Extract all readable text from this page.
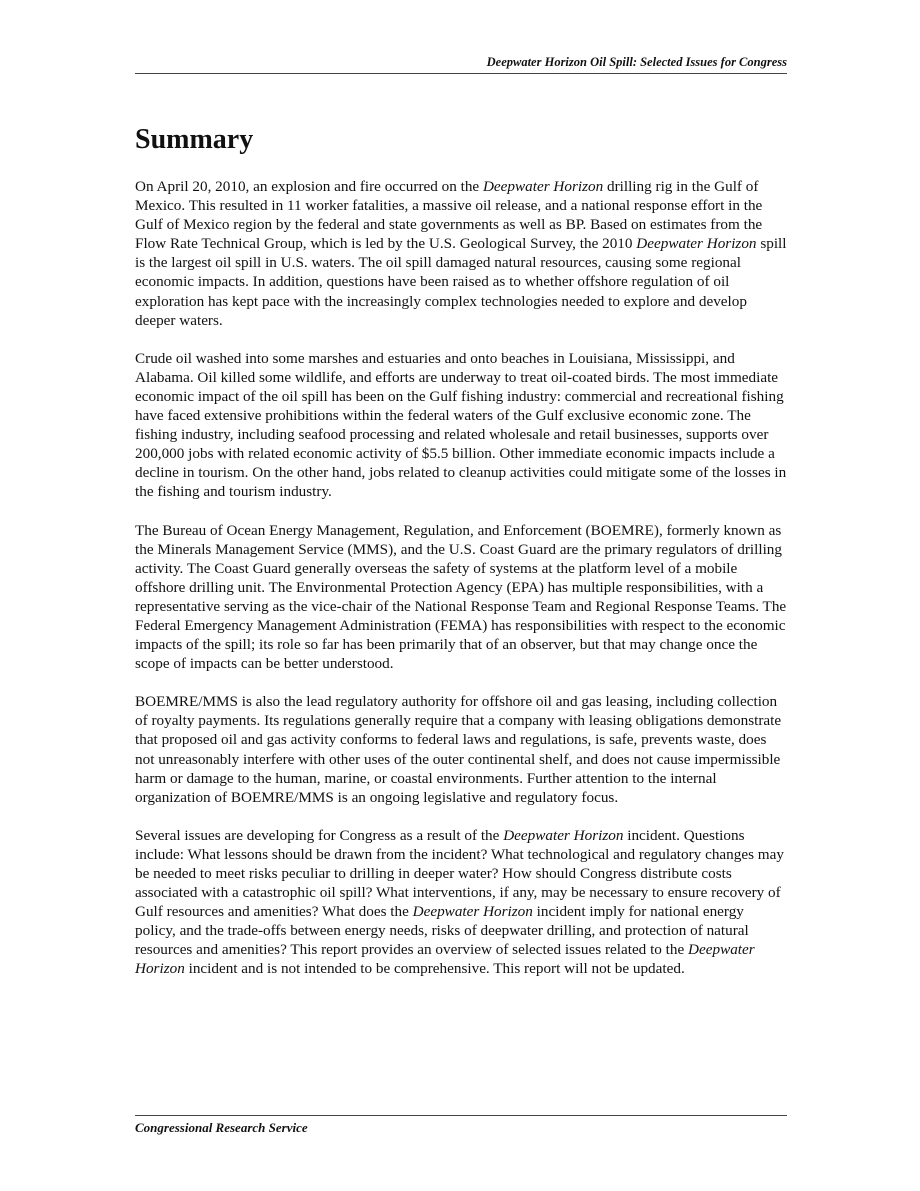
Deepwater Horizon Oil Spill: Selected Issues for Congress
Summary

On April 20, 2010, an explosion and fire occurred on the Deepwater Horizon drilling rig in the Gulf of Mexico. This resulted in 11 worker fatalities, a massive oil release, and a national response effort in the Gulf of Mexico region by the federal and state governments as well as BP. Based on estimates from the Flow Rate Technical Group, which is led by the U.S. Geological Survey, the 2010 Deepwater Horizon spill is the largest oil spill in U.S. waters. The oil spill damaged natural resources, causing some regional economic impacts. In addition, questions have been raised as to whether offshore regulation of oil exploration has kept pace with the increasingly complex technologies needed to explore and develop deeper waters.

Crude oil washed into some marshes and estuaries and onto beaches in Louisiana, Mississippi, and Alabama. Oil killed some wildlife, and efforts are underway to treat oil-coated birds. The most immediate economic impact of the oil spill has been on the Gulf fishing industry: commercial and recreational fishing have faced extensive prohibitions within the federal waters of the Gulf exclusive economic zone. The fishing industry, including seafood processing and related wholesale and retail businesses, supports over 200,000 jobs with related economic activity of $5.5 billion. Other immediate economic impacts include a decline in tourism. On the other hand, jobs related to cleanup activities could mitigate some of the losses in the fishing and tourism industry.

The Bureau of Ocean Energy Management, Regulation, and Enforcement (BOEMRE), formerly known as the Minerals Management Service (MMS), and the U.S. Coast Guard are the primary regulators of drilling activity. The Coast Guard generally overseas the safety of systems at the platform level of a mobile offshore drilling unit. The Environmental Protection Agency (EPA) has multiple responsibilities, with a representative serving as the vice-chair of the National Response Team and Regional Response Teams. The Federal Emergency Management Administration (FEMA) has responsibilities with respect to the economic impacts of the spill; its role so far has been primarily that of an observer, but that may change once the scope of impacts can be better understood.

BOEMRE/MMS is also the lead regulatory authority for offshore oil and gas leasing, including collection of royalty payments. Its regulations generally require that a company with leasing obligations demonstrate that proposed oil and gas activity conforms to federal laws and regulations, is safe, prevents waste, does not unreasonably interfere with other uses of the outer continental shelf, and does not cause impermissible harm or damage to the human, marine, or coastal environments. Further attention to the internal organization of BOEMRE/MMS is an ongoing legislative and regulatory focus.

Several issues are developing for Congress as a result of the Deepwater Horizon incident. Questions include: What lessons should be drawn from the incident? What technological and regulatory changes may be needed to meet risks peculiar to drilling in deeper water? How should Congress distribute costs associated with a catastrophic oil spill? What interventions, if any, may be necessary to ensure recovery of Gulf resources and amenities? What does the Deepwater Horizon incident imply for national energy policy, and the trade-offs between energy needs, risks of deepwater drilling, and protection of natural resources and amenities? This report provides an overview of selected issues related to the Deepwater Horizon incident and is not intended to be comprehensive. This report will not be updated.

Congressional Research Service
